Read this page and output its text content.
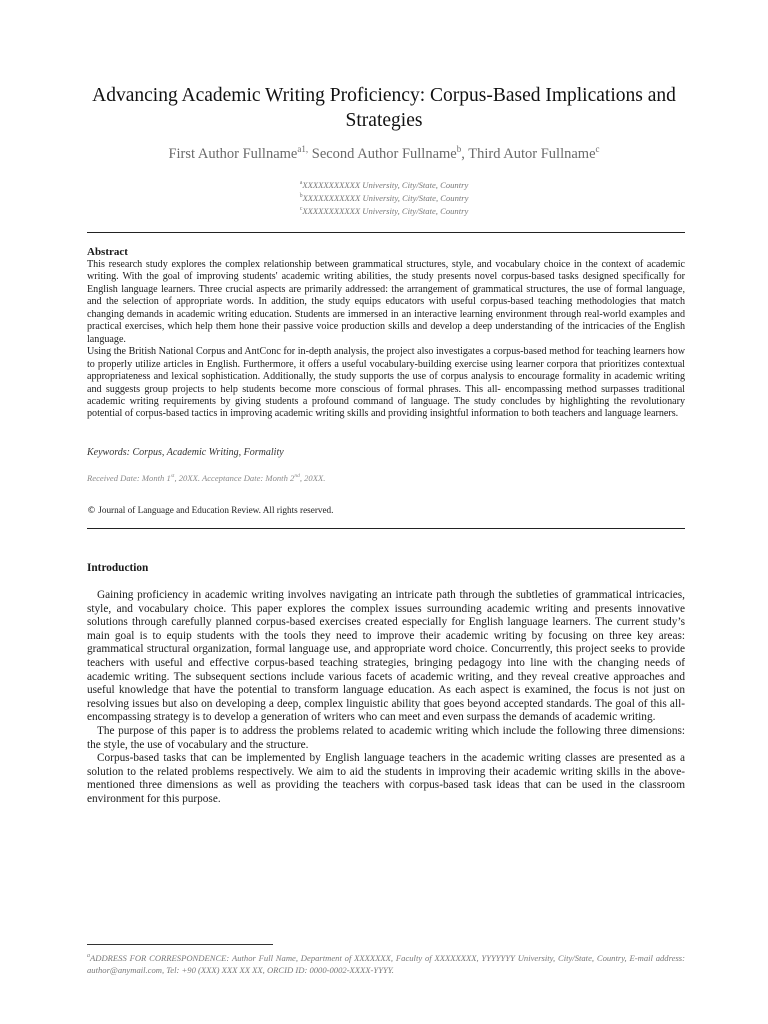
Advancing Academic Writing Proficiency: Corpus-Based Implications and Strategies
First Author Fullname$^{a1,}$ Second Author Fullname$^b$, Third Autor Fullname$^c$
$^a$XXXXXXXXXXX University, City/State, Country
$^b$XXXXXXXXXXX University, City/State, Country
$^c$XXXXXXXXXXX University, City/State, Country
Abstract

This research study explores the complex relationship between grammatical structures, style, and vocabulary choice in the context of academic writing. With the goal of improving students' academic writing abilities, the study presents novel corpus-based tasks designed specifically for English language learners. Three crucial aspects are primarily addressed: the arrangement of grammatical structures, the use of formal language, and the selection of appropriate words. In addition, the study equips educators with useful corpus-based teaching methodologies that match changing demands in academic writing education. Students are immersed in an interactive learning environment through real-world examples and practical exercises, which help them hone their passive voice production skills and develop a deep understanding of the intricacies of the English language.

Using the British National Corpus and AntConc for in-depth analysis, the project also investigates a corpus-based method for teaching learners how to properly utilize articles in English. Furthermore, it offers a useful vocabulary-building exercise using learner corpora that prioritizes contextual appropriateness and lexical sophistication. Additionally, the study supports the use of corpus analysis to encourage formality in academic writing and suggests group projects to help students become more conscious of formal phrases. This all- encompassing method surpasses traditional academic writing requirements by giving students a profound command of language. The study concludes by highlighting the revolutionary potential of corpus-based tactics in improving academic writing skills and providing insightful information to both teachers and language learners.

Keywords: Corpus, Academic Writing, Formality
Received Date: Month 1st, 20XX. Acceptance Date: Month 2nd, 20XX.
© Journal of Language and Education Review. All rights reserved.
Introduction

Gaining proficiency in academic writing involves navigating an intricate path through the subtleties of grammatical intricacies, style, and vocabulary choice. This paper explores the complex issues surrounding academic writing and presents innovative solutions through carefully planned corpus-based exercises created especially for English language learners. The current study’s main goal is to equip students with the tools they need to improve their academic writing by focusing on three key areas: grammatical structural organization, formal language use, and appropriate word choice. Concurrently, this project seeks to provide teachers with useful and effective corpus-based teaching strategies, bringing pedagogy into line with the changing needs of academic writing. The subsequent sections include various facets of academic writing, and they reveal creative approaches and useful knowledge that have the potential to transform language education. As each aspect is examined, the focus is not just on resolving issues but also on developing a deep, complex linguistic ability that goes beyond accepted standards. The goal of this all-encompassing strategy is to develop a generation of writers who can meet and even surpass the demands of academic writing.

The purpose of this paper is to address the problems related to academic writing which include the following three dimensions: the style, the use of vocabulary and the structure.

Corpus-based tasks that can be implemented by English language teachers in the academic writing classes are presented as a solution to the related problems respectively. We aim to aid the students in improving their academic writing skills in the above-mentioned three dimensions as well as providing the teachers with corpus-based task ideas that can be used in the classroom environment for this purpose.

$^a$ADDRESS FOR CORRESPONDENCE: Author Full Name, Department of XXXXXXX, Faculty of XXXXXXXX, YYYYYYY University, City/State, Country, E-mail address: author@anymail.com, Tel: +90 (XXX) XXX XX XX, ORCID ID: 0000-0002-XXXX-YYYY.
